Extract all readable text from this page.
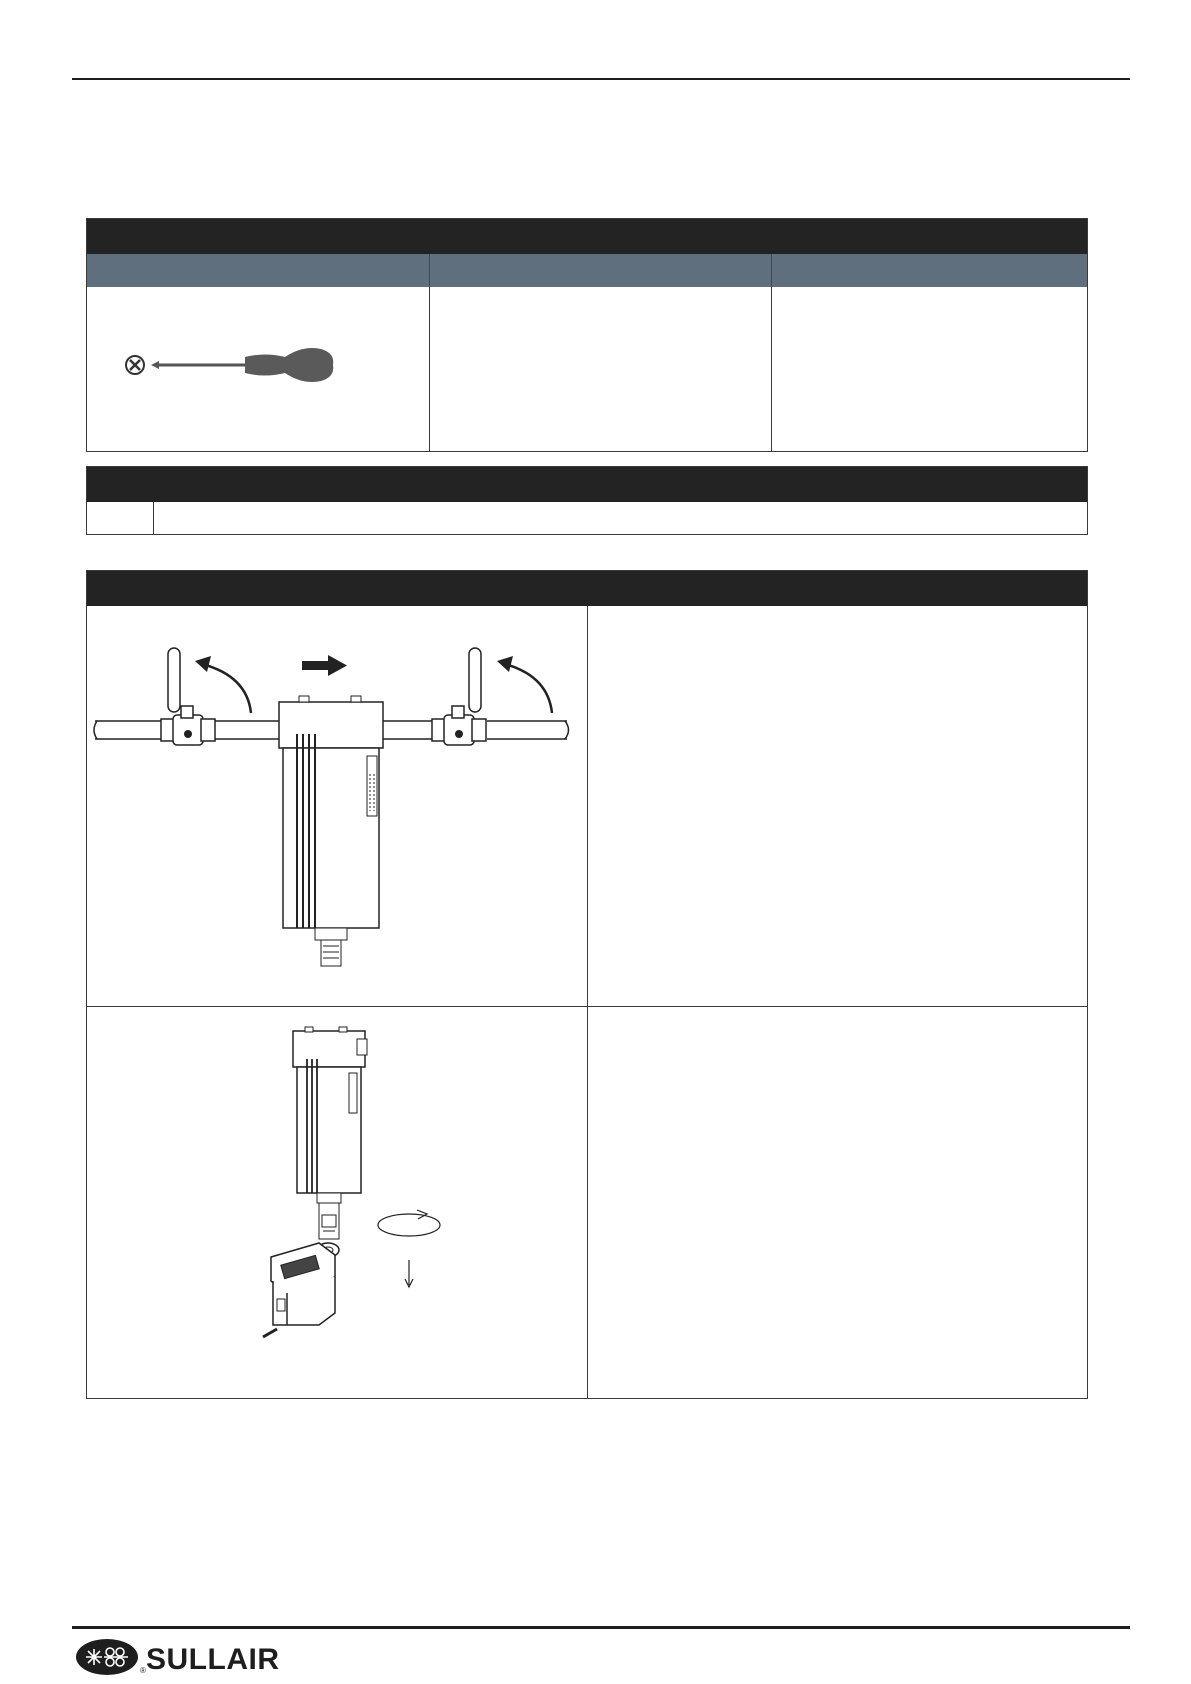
® SULLAIR
